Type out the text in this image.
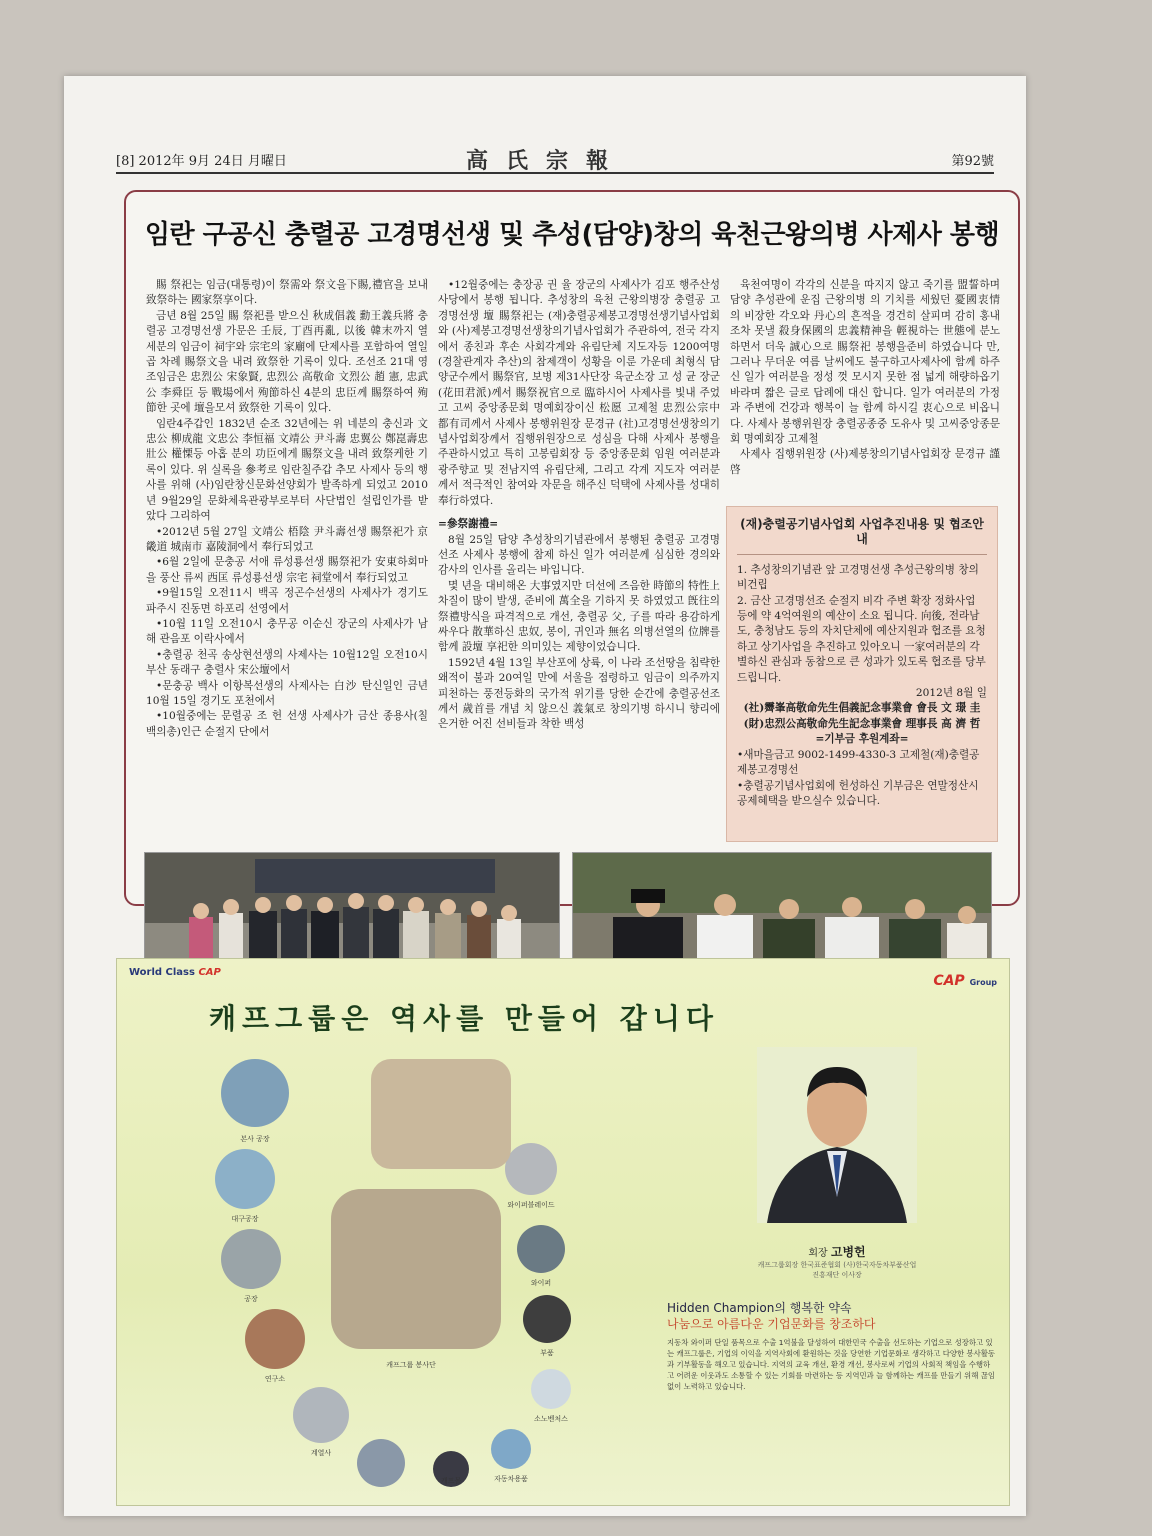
[8] 2012年 9月 24日 月曜日	高氏宗報	第92號
임란 구공신 충렬공 고경명선생 및 추성(담양)창의 육천근왕의병 사제사 봉행

賜 祭祀는 임금(대통령)이 祭需와 祭文을下賜,禮官을 보내 致祭하는 國家祭享이다.

금년 8월 25일 賜 祭祀를 받으신 秋成倡義 勳王義兵將 충렬공 고경명선생 가문은 壬辰, 丁酉再亂, 以後 韓末까지 열 세분의 임금이 祠宇와 宗宅의 家廟에 단제사를 포함하여 열일곱 차례 賜祭文을 내려 致祭한 기록이 있다. 조선조 21대 영조임금은 忠烈公 宋象賢, 忠烈公 高敬命 文烈公 趙 憲, 忠武公 李舜臣 등 戰場에서 殉節하신 4분의 忠臣께 賜祭하여 殉節한 곳에 壇을모셔 致祭한 기록이 있다.

임란4주갑인 1832년 순조 32년에는 위 네분의 충신과 文忠公 柳成龍 文忠公 李恒福 文靖公 尹斗壽 忠翼公 鄭崑壽忠壯公 權慄등 아홉 분의 功臣에게 賜祭文을 내려 致祭케한 기록이 있다. 위 실록을 參考로 임란칠주갑 추모 사제사 등의 행사를 위해 (사)임란창신문화선양회가 발족하게 되었고 2010년 9월29일 문화체육관광부로부터 사단법인 설립인가를 받았다 그리하여

•2012년 5월 27일 文靖公 梧陰 尹斗壽선생 賜祭祀가 京畿道 城南市 嘉陵洞에서 奉行되었고

•6월 2일에 문충공 서애 류성룡선생 賜祭祀가 安東하회마을 풍산 류씨 西匡 류성룡선생 宗宅 祠堂에서 奉行되었고

•9월15일 오전11시 백곡 정곤수선생의 사제사가 경기도 파주시 진동면 하포리 선영에서

•10월 11일 오전10시 충무공 이순신 장군의 사제사가 남해 관음포 이락사에서

•충렬공 천곡 송상현선생의 사제사는 10월12일 오전10시 부산 동래구 충렬사 宋公壇에서

•문충공 백사 이항복선생의 사제사는 白沙 탄신일인 금년 10월 15일 경기도 포천에서

•10월중에는 문렬공 조 헌 선생 사제사가 금산 종용사(칠백의총)인근 순절지 단에서

•12월중에는 충장공 권 율 장군의 사제사가 김포 행주산성 사당에서 봉행 됩니다. 추성창의 육천 근왕의병장 충렬공 고경명선생 壇 賜祭祀는 (재)충렬공제봉고경명선생기념사업회와 (사)제봉고경명선생창의기념사업회가 주관하여, 전국 각지에서 종친과 후손 사회각계와 유림단체 지도자등 1200여명(경찰관계자 추산)의 참제객이 성황을 이룬 가운데 최형식 담양군수께서 賜祭官, 보병 제31사단장 육군소장 고 성 균 장군(花田君派)께서 賜祭祝官으로 臨하시어 사제사를 빛내 주었고 고씨 중앙종문회 명예회장이신 松愿 고제철 忠烈公宗中 都有司께서 사제사 봉행위원장 문경규 (社)고경명선생창의기념사업회장께서 집행위원장으로 성심을 다해 사제사 봉행을 주관하시었고 특히 고봉림회장 등 중앙종문회 임원 여러분과 광주향교 및 전남지역 유림단체, 그리고 각계 지도자 여러분께서 적극적인 참여와 자문을 해주신 덕택에 사제사를 성대히 奉行하였다.

=參祭謝禮=

8월 25일 담양 추성창의기념관에서 봉행된 충렬공 고경명선조 사제사 봉행에 참제 하신 일가 여러분께 심심한 경의와 감사의 인사를 올리는 바입니다.

몇 년을 대비해온 大事였지만 더선에 즈음한 時節의 特性上 차질이 많이 발생, 준비에 萬全을 기하지 못 하였었고 旣往의 祭禮방식을 파격적으로 개선, 충렬공 父, 子를 따라 용감하게 싸우다 散華하신 忠奴, 봉이, 귀인과 無名 의병선열의 位牌를 함께 設壇 享祀한 의미있는 제향이었습니다.

1592년 4월 13일 부산포에 상륙, 이 나라 조선땅을 침략한 왜적이 불과 20여일 만에 서울을 점령하고 임금이 의주까지 피천하는 풍전등화의 국가적 위기를 당한 순간에 충렬공선조 께서 歲首를 개념 치 않으신 義氣로 창의기병 하시니 향리에 은거한 어진 선비들과 착한 백성

육천여명이 각각의 신분을 따지지 않고 죽기를 盟誓하며 담양 추성관에 운집 근왕의병 의 기치를 세웠던 憂國衷情의 비장한 각오와 丹心의 흔적을 경건히 살피며 감히 홍내조차 못낼 殺身保國의 忠義精神을 輕視하는 世態에 분노하면서 더욱 誠心으로 賜祭祀 봉행을준비 하였습니다 만, 그러나 무더운 여름 날씨에도 불구하고사제사에 함께 하주신 일가 여러분을 정성 껏 모시지 못한 점 넓게 해량하옵기 바라며 짧은 글로 답례에 대신 합니다. 일가 여러분의 가정과 주변에 건강과 행복이 늘 함께 하시길 衷心으로 비옵니다. 사제사 봉행위원장 충렬공종중 도유사 및 고씨중앙종문회 명예회장 고제철

사제사 집행위원장 (사)제봉창의기념사업회장 문경규 謹啓

(재)충렬공기념사업회 사업추진내용 및 협조안내

1. 추성창의기념관 앞 고경명선생 추성근왕의병 창의 비건립

2. 금산 고경명선조 순절지 비각 주변 확장 정화사업 등에 약 4억여원의 예산이 소요 됩니다. 向後, 전라남도, 충청남도 등의 자치단체에 예산지원과 협조를 요청하고 상기사업을 추진하고 있아오니 一家여러분의 각별하신 관심과 동참으로 큰 성과가 있도록 협조를 당부 드립니다.

2012년 8월 일

(社)霽峯高敬命先生倡義記念事業會 會長 文 璟 圭

(財)忠烈公高敬命先生記念事業會 理事長 高 濟 哲

=기부금 후원계좌=

•새마을금고 9002-1499-4330-3 고제철(재)충렬공제봉고경명선

•충렬공기념사업회에 헌성하신 기부금은 연말정산시 공제혜택을 받으실수 있습니다.

World Class CAP
CAP Group
캐프그룹은 역사를 만들어 갑니다
본사 공장
대구공장
공장
연구소
계열사
캐프그룹 봉사단
와이퍼블레이드
와이퍼
부품
소노벤처스
자동차용품
캐프몰
회장 고병헌
캐프그룹회장 한국표준협회 (사)한국자동차부품산업진흥재단 이사장
Hidden Champion의 행복한 약속
나눔으로 아름다운 기업문화를 창조하다
지동차 와이퍼 단일 품목으로 수출 1억불을 달성하여 대한민국 수출을 선도하는 기업으로 성장하고 있는 캐프그룹은, 기업의 이익을 지역사회에 환원하는 것을 당연한 기업문화로 생각하고 다양한 봉사활동과 기부활동을 해오고 있습니다. 지역의 교육 개선, 환경 개선, 봉사로써 기업의 사회적 책임을 수행하고 어려운 이웃과도 소통할 수 있는 기회를 마련하는 등 지역민과 늘 함께하는 캐프를 만들기 위해 끊임없이 노력하고 있습니다.
